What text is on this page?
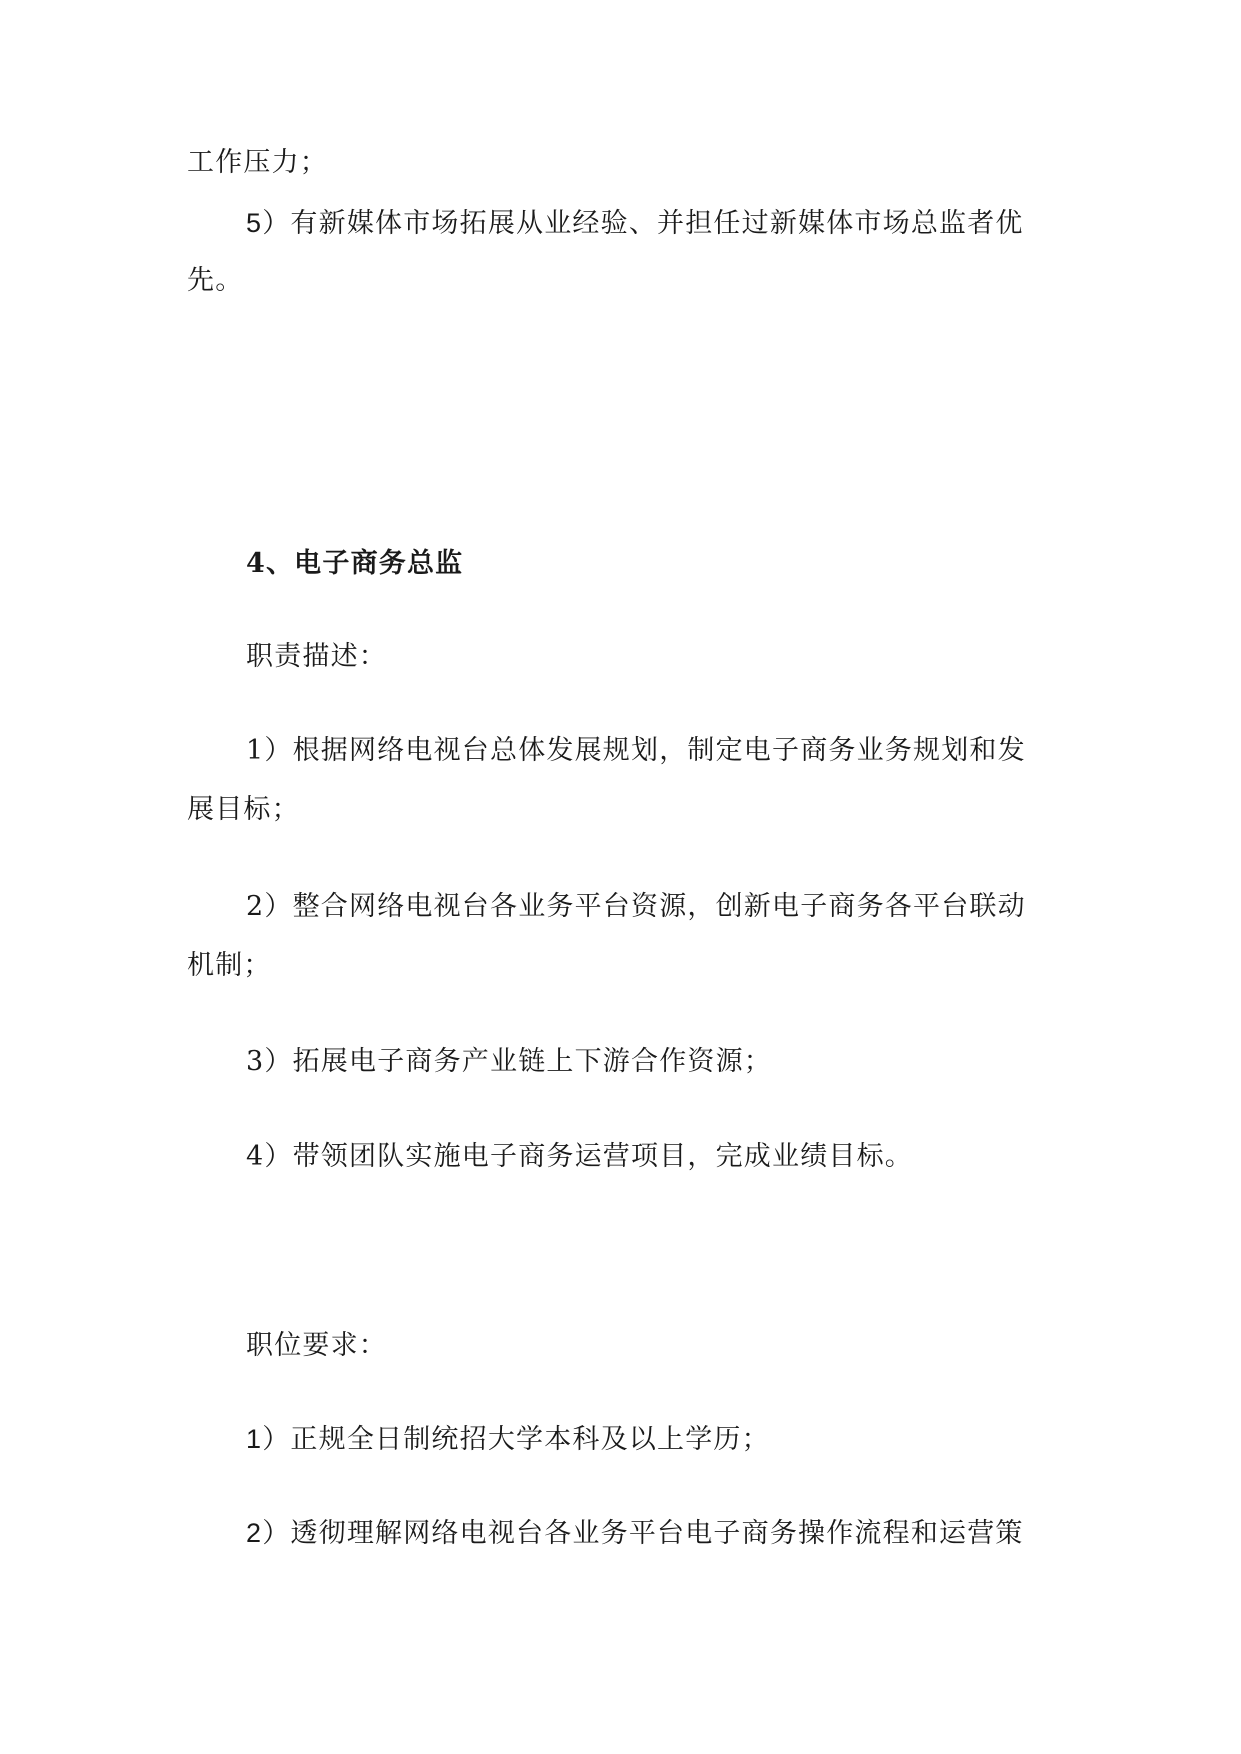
工作压力；
5）有新媒体市场拓展从业经验、并担任过新媒体市场总监者优
先。
4、电子商务总监
职责描述：
1）根据网络电视台总体发展规划，制定电子商务业务规划和发
展目标；
2）整合网络电视台各业务平台资源，创新电子商务各平台联动
机制；
3）拓展电子商务产业链上下游合作资源；
4）带领团队实施电子商务运营项目，完成业绩目标。
职位要求：
1）正规全日制统招大学本科及以上学历；
2）透彻理解网络电视台各业务平台电子商务操作流程和运营策
